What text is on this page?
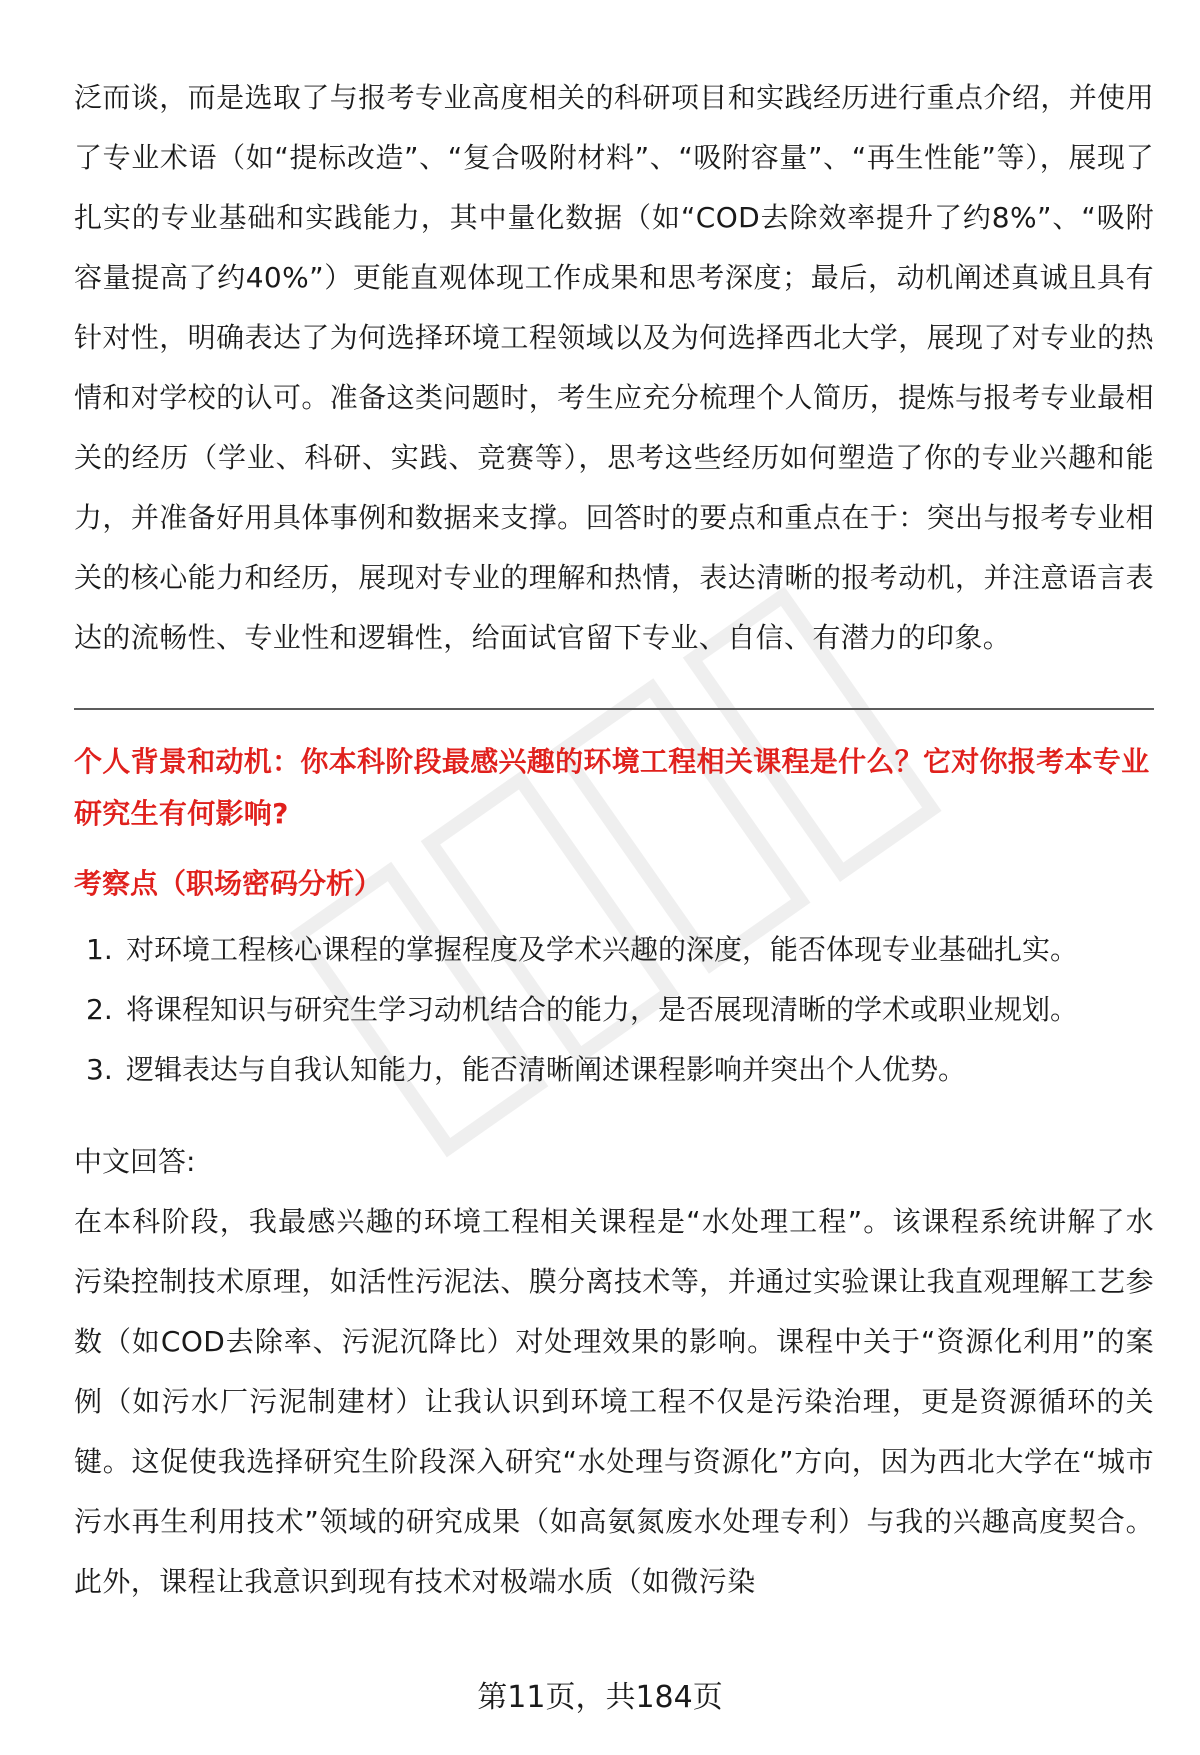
泛而谈，而是选取了与报考专业高度相关的科研项目和实践经历进行重点介绍，并使用了专业术语（如“提标改造”、“复合吸附材料”、“吸附容量”、“再生性能”等），展现了扎实的专业基础和实践能力，其中量化数据（如“COD去除效率提升了约8%”、“吸附容量提高了约40%”）更能直观体现工作成果和思考深度；最后，动机阐述真诚且具有针对性，明确表达了为何选择环境工程领域以及为何选择西北大学，展现了对专业的热情和对学校的认可。准备这类问题时，考生应充分梳理个人简历，提炼与报考专业最相关的经历（学业、科研、实践、竞赛等），思考这些经历如何塑造了你的专业兴趣和能力，并准备好用具体事例和数据来支撑。回答时的要点和重点在于：突出与报考专业相关的核心能力和经历，展现对专业的理解和热情，表达清晰的报考动机，并注意语言表达的流畅性、专业性和逻辑性，给面试官留下专业、自信、有潜力的印象。

个人背景和动机：你本科阶段最感兴趣的环境工程相关课程是什么？它对你报考本专业研究生有何影响?

考察点（职场密码分析）

1. 对环境工程核心课程的掌握程度及学术兴趣的深度，能否体现专业基础扎实。
2. 将课程知识与研究生学习动机结合的能力，是否展现清晰的学术或职业规划。
3. 逻辑表达与自我认知能力，能否清晰阐述课程影响并突出个人优势。

中文回答:

在本科阶段，我最感兴趣的环境工程相关课程是“水处理工程”。该课程系统讲解了水污染控制技术原理，如活性污泥法、膜分离技术等，并通过实验课让我直观理解工艺参数（如COD去除率、污泥沉降比）对处理效果的影响。课程中关于“资源化利用”的案例（如污水厂污泥制建材）让我认识到环境工程不仅是污染治理，更是资源循环的关键。这促使我选择研究生阶段深入研究“水处理与资源化”方向，因为西北大学在“城市污水再生利用技术”领域的研究成果（如高氨氮废水处理专利）与我的兴趣高度契合。此外，课程让我意识到现有技术对极端水质（如微污染

第11页，共184页
